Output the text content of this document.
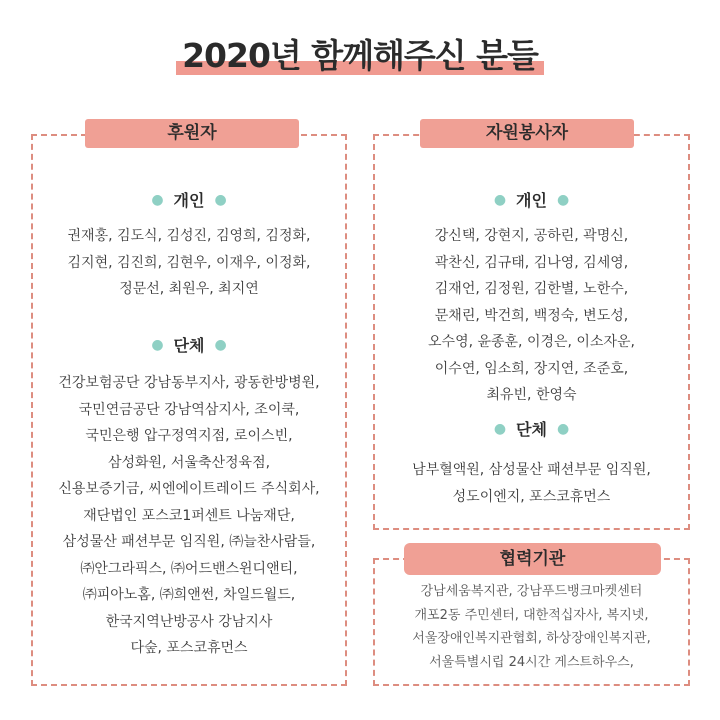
2020년 함께해주신 분들
● 개인 ●
권재홍, 김도식, 김성진, 김영희, 김정화,
김지현, 김진희, 김현우, 이재우, 이정화,
정문선, 최원우, 최지연
● 단체 ●
건강보험공단 강남동부지사, 광동한방병원,
국민연금공단 강남역삼지사, 조이쿡,
국민은행 압구정역지점, 로이스빈,
삼성화원, 서울축산정육점,
신용보증기금, 씨엔에이트레이드 주식회사,
재단법인 포스코1퍼센트 나눔재단,
삼성물산 패션부문 임직원, ㈜늘찬사람들,
㈜안그라픽스, ㈜어드밴스윈디앤티,
㈜피아노홈, ㈜희앤썬, 차일드월드,
한국지역난방공사 강남지사
다숲, 포스코휴먼스
후원자
● 개인 ●
강신택, 강현지, 공하린, 곽명신,
곽찬신, 김규태, 김나영, 김세영,
김재언, 김정원, 김한별, 노한수,
문채린, 박건희, 백정숙, 변도성,
오수영, 윤종훈, 이경은, 이소자운,
이수연, 임소희, 장지연, 조준호,
최유빈, 한영숙
● 단체 ●
남부혈액원, 삼성물산 패션부문 임직원,
성도이엔지, 포스코휴먼스
자원봉사자
강남세움복지관, 강남푸드뱅크마켓센터
개포2동 주민센터, 대한적십자사, 복지넷,
서울장애인복지관협회, 하상장애인복지관,
서울특별시립 24시간 게스트하우스,
협력기관
